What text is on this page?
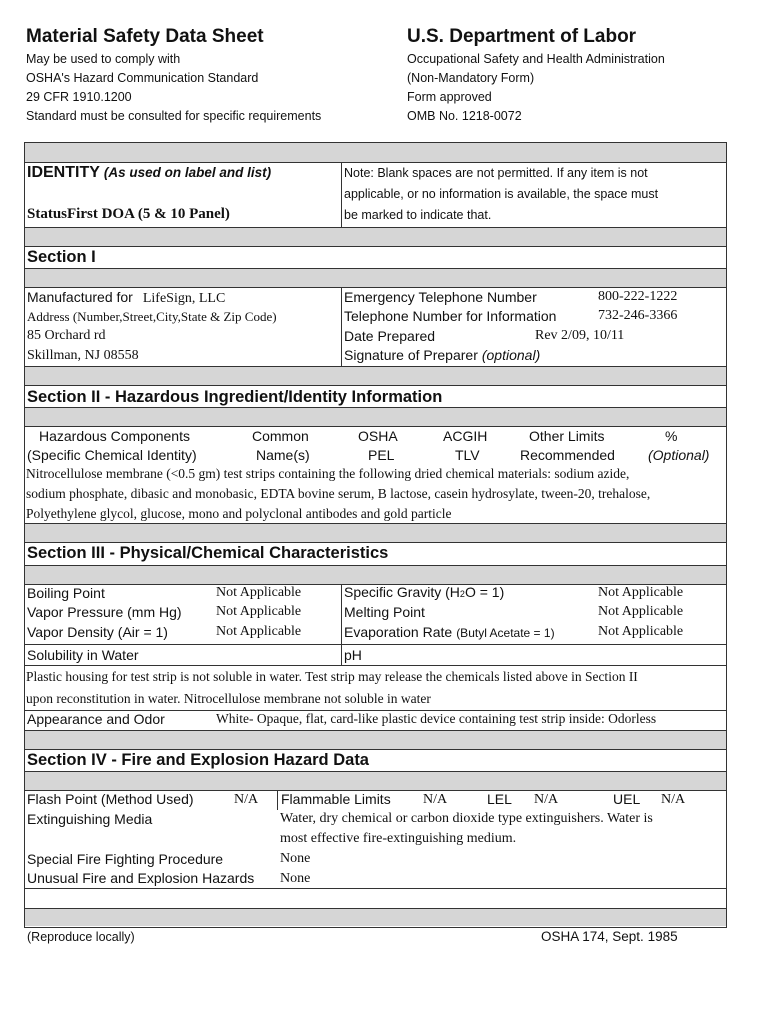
Material Safety Data Sheet
May be used to comply with
OSHA's Hazard Communication Standard
29 CFR 1910.1200
Standard must be consulted for specific requirements
U.S. Department of Labor
Occupational Safety and Health Administration
(Non-Mandatory Form)
Form approved
OMB No. 1218-0072
IDENTITY (As used on label and list)
StatusFirst DOA (5 & 10 Panel)
Note: Blank spaces are not permitted. If any item is not
applicable, or no information is available, the space must
be marked to indicate that.
Section I
Manufactured for LifeSign, LLC
Address (Number,Street,City,State & Zip Code)
85 Orchard rd
Skillman, NJ 08558
Emergency Telephone Number	800-222-1222
Telephone Number for Information	732-246-3366
Date Prepared	Rev 2/09, 10/11
Signature of Preparer (optional)
Section II - Hazardous Ingredient/Identity Information
Hazardous Components	Common	OSHA	ACGIH	Other Limits	%
(Specific Chemical Identity)	Name(s)	PEL	TLV	Recommended (Optional)
Nitrocellulose membrane (<0.5 gm) test strips containing the following dried chemical materials: sodium azide,
sodium phosphate, dibasic and monobasic, EDTA bovine serum, B lactose, casein hydrosylate, tween-20, trehalose,
Polyethylene glycol, glucose, mono and polyclonal antibodes and gold particle
Section III - Physical/Chemical Characteristics
Boiling Point	Not Applicable
Vapor Pressure (mm Hg) Not Applicable
Vapor Density (Air = 1)	Not Applicable
Specific Gravity (H2O = 1)	Not Applicable
Melting Point	Not Applicable
Evaporation Rate (Butyl Acetate = 1)	Not Applicable
Solubility in Water	pH
Plastic housing for test strip is not soluble in water. Test strip may release the chemicals listed above in Section II
upon reconstitution in water. Nitrocellulose membrane not soluble in water
Appearance and Odor	White- Opaque, flat, card-like plastic device containing test strip inside: Odorless
Section IV - Fire and Explosion Hazard Data
Flash Point (Method Used)	N/A Flammable Limits N/A	LEL N/A	UEL N/A
Extinguishing Media	Water, dry chemical or carbon dioxide type extinguishers. Water is
most effective fire-extinguishing medium.
Special Fire Fighting Procedure	None
Unusual Fire and Explosion Hazards None
(Reproduce locally)	OSHA 174, Sept. 1985
